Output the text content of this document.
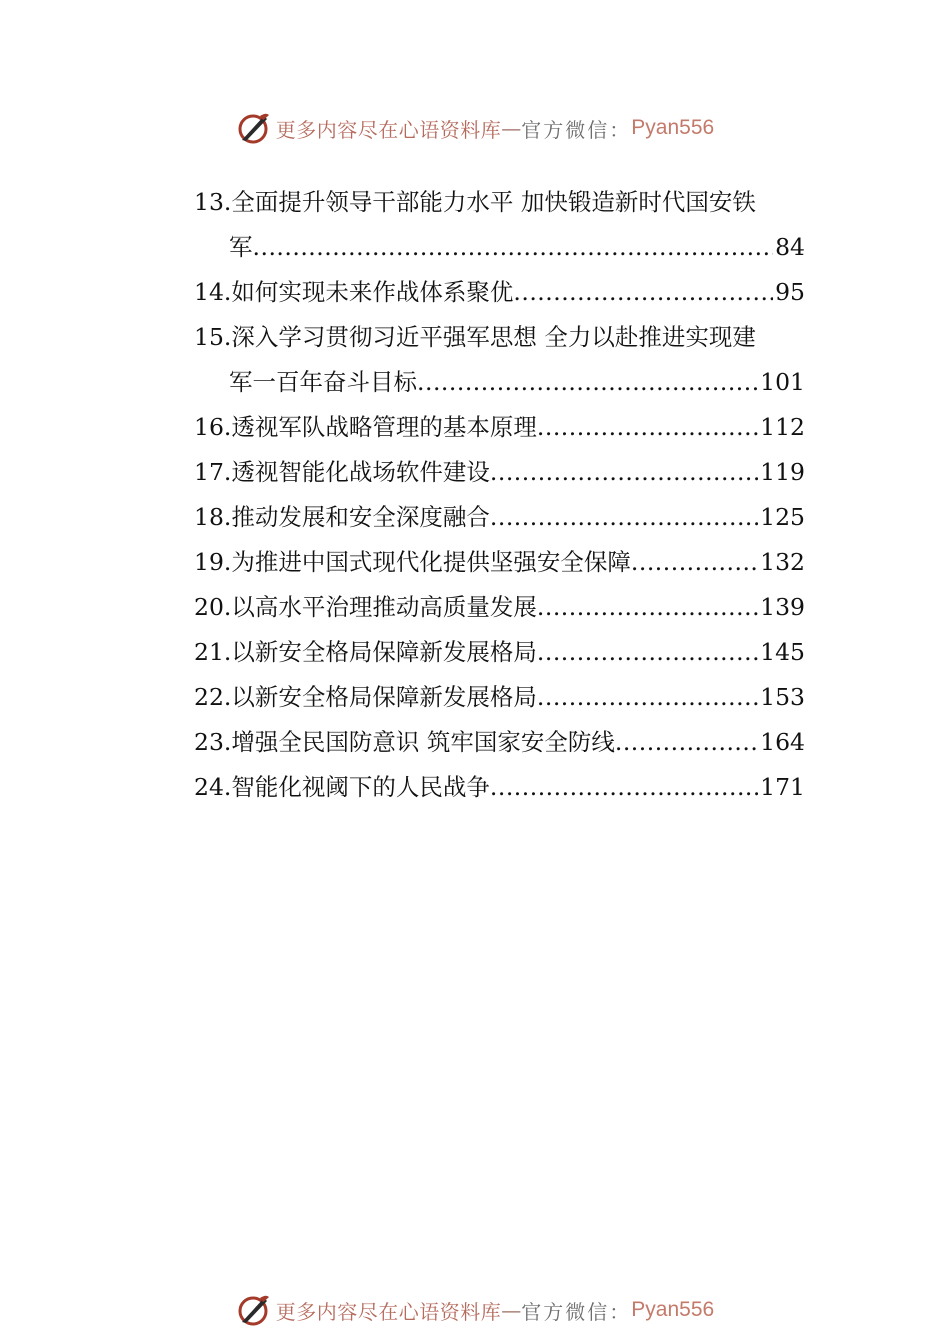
更多内容尽在心语资料库 — 官方微信： Pyan556
13.全面提升领导干部能力水平 加快锻造新时代国安铁
军 .....	84
14. 如何实现未来作战体系聚优 .....	95
15.深入学习贯彻习近平强军思想 全力以赴推进实现建
军一百年奋斗目标 .....	101
16. 透视军队战略管理的基本原理 .....	112
17. 透视智能化战场软件建设 .....	119
18. 推动发展和安全深度融合 .....	125
19. 为推进中国式现代化提供坚强安全保障 .....	132
20. 以高水平治理推动高质量发展 .....	139
21. 以新安全格局保障新发展格局 .....	145
22. 以新安全格局保障新发展格局 .....	153
23. 增强全民国防意识 筑牢国家安全防线 .....	164
24. 智能化视阈下的人民战争 .....	171
更多内容尽在心语资料库 — 官方微信： Pyan556
